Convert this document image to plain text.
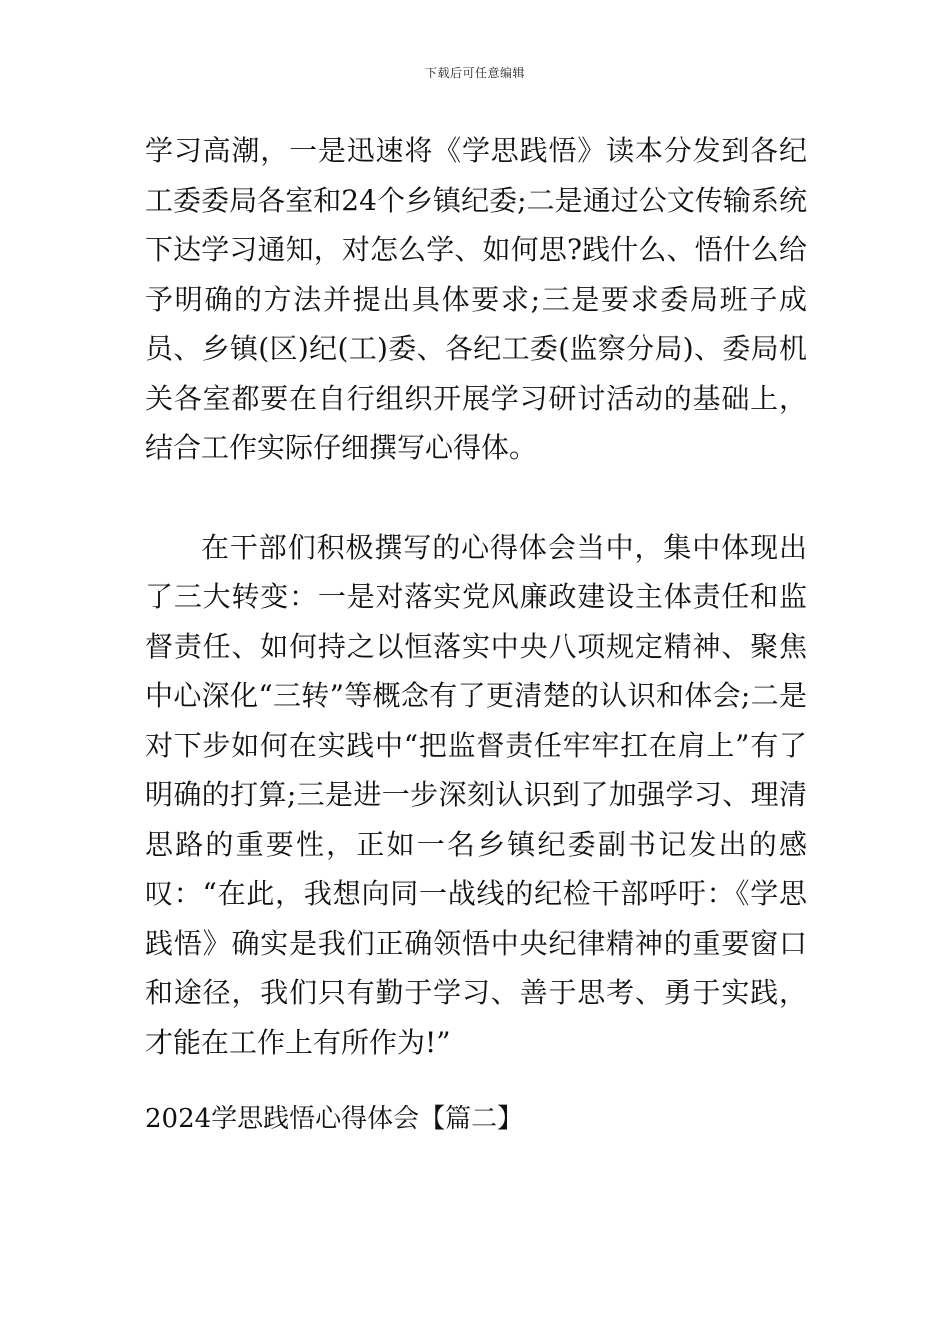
下载后可任意编辑

学习高潮，一是迅速将《学思践悟》读本分发到各纪工委委局各室和24个乡镇纪委;二是通过公文传输系统下达学习通知，对怎么学、如何思?践什么、悟什么给予明确的方法并提出具体要求;三是要求委局班子成员、乡镇(区)纪(工)委、各纪工委(监察分局)、委局机关各室都要在自行组织开展学习研讨活动的基础上，结合工作实际仔细撰写心得体。

在干部们积极撰写的心得体会当中，集中体现出了三大转变：一是对落实党风廉政建设主体责任和监督责任、如何持之以恒落实中央八项规定精神、聚焦中心深化“三转”等概念有了更清楚的认识和体会;二是对下步如何在实践中“把监督责任牢牢扛在肩上”有了明确的打算;三是进一步深刻认识到了加强学习、理清思路的重要性，正如一名乡镇纪委副书记发出的感叹：“在此，我想向同一战线的纪检干部呼吁：《学思践悟》确实是我们正确领悟中央纪律精神的重要窗口和途径，我们只有勤于学习、善于思考、勇于实践，才能在工作上有所作为!”

2024学思践悟心得体会【篇二】
